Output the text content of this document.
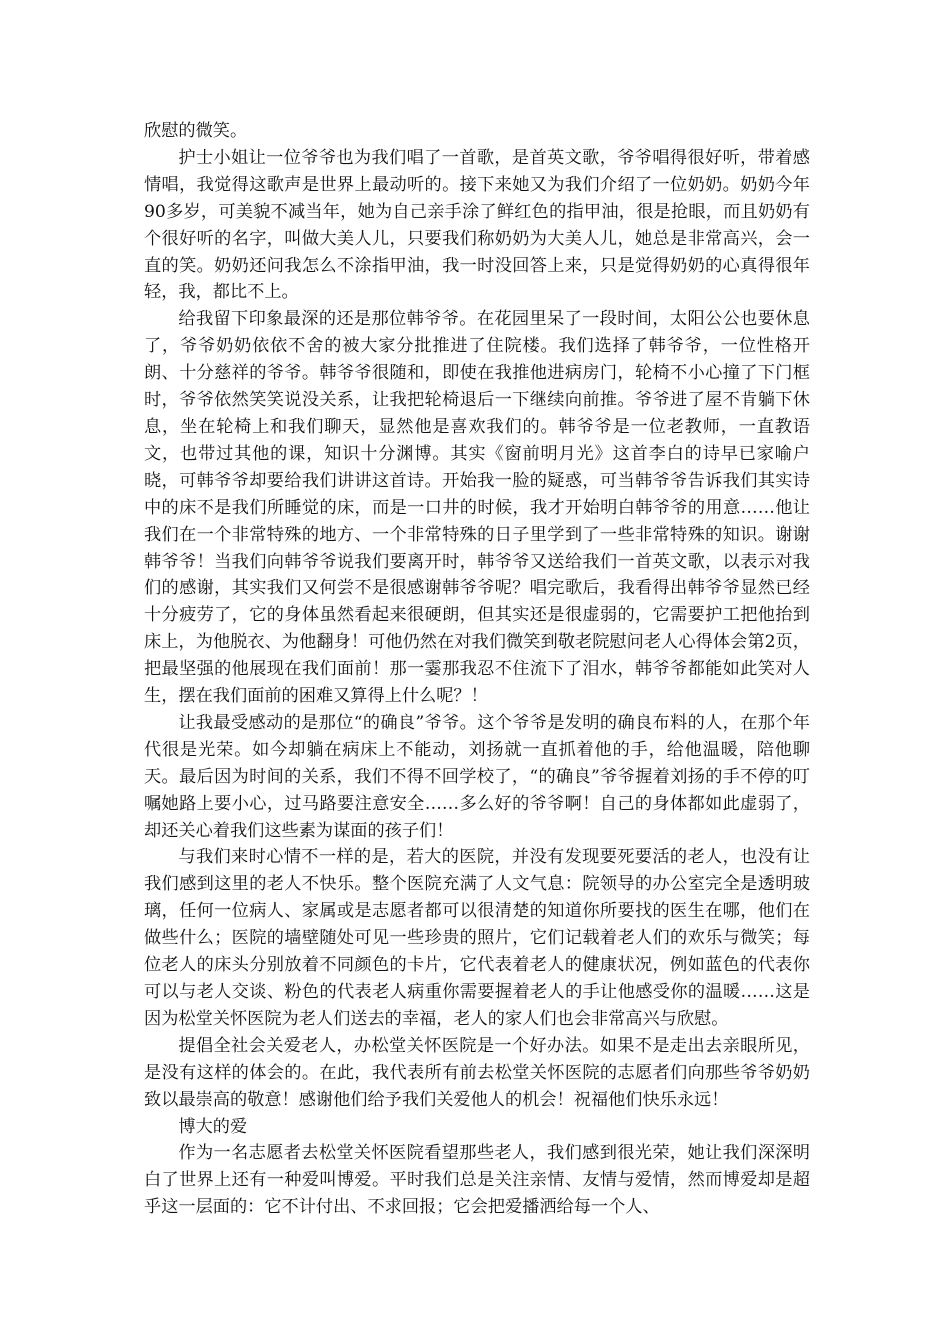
欣慰的微笑。

护士小姐让一位爷爷也为我们唱了一首歌，是首英文歌，爷爷唱得很好听，带着感情唱，我觉得这歌声是世界上最动听的。接下来她又为我们介绍了一位奶奶。奶奶今年90多岁，可美貌不减当年，她为自己亲手涂了鲜红色的指甲油，很是抢眼，而且奶奶有个很好听的名字，叫做大美人儿，只要我们称奶奶为大美人儿，她总是非常高兴，会一直的笑。奶奶还问我怎么不涂指甲油，我一时没回答上来，只是觉得奶奶的心真得很年轻，我，都比不上。

给我留下印象最深的还是那位韩爷爷。在花园里呆了一段时间，太阳公公也要休息了，爷爷奶奶依依不舍的被大家分批推进了住院楼。我们选择了韩爷爷，一位性格开朗、十分慈祥的爷爷。韩爷爷很随和，即使在我推他进病房门，轮椅不小心撞了下门框时，爷爷依然笑笑说没关系，让我把轮椅退后一下继续向前推。爷爷进了屋不肯躺下休息，坐在轮椅上和我们聊天，显然他是喜欢我们的。韩爷爷是一位老教师，一直教语文，也带过其他的课，知识十分渊博。其实《窗前明月光》这首李白的诗早已家喻户晓，可韩爷爷却要给我们讲讲这首诗。开始我一脸的疑惑，可当韩爷爷告诉我们其实诗中的床不是我们所睡觉的床，而是一口井的时候，我才开始明白韩爷爷的用意……他让我们在一个非常特殊的地方、一个非常特殊的日子里学到了一些非常特殊的知识。谢谢韩爷爷！当我们向韩爷爷说我们要离开时，韩爷爷又送给我们一首英文歌，以表示对我们的感谢，其实我们又何尝不是很感谢韩爷爷呢？唱完歌后，我看得出韩爷爷显然已经十分疲劳了，它的身体虽然看起来很硬朗，但其实还是很虚弱的，它需要护工把他抬到床上，为他脱衣、为他翻身！可他仍然在对我们微笑到敬老院慰问老人心得体会第2页，把最坚强的他展现在我们面前！那一霎那我忍不住流下了泪水，韩爷爷都能如此笑对人生，摆在我们面前的困难又算得上什么呢？！

让我最受感动的是那位“的确良”爷爷。这个爷爷是发明的确良布料的人，在那个年代很是光荣。如今却躺在病床上不能动，刘扬就一直抓着他的手，给他温暖，陪他聊天。最后因为时间的关系，我们不得不回学校了，“的确良”爷爷握着刘扬的手不停的叮嘱她路上要小心，过马路要注意安全……多么好的爷爷啊！自己的身体都如此虚弱了，却还关心着我们这些素为谋面的孩子们！

与我们来时心情不一样的是，若大的医院，并没有发现要死要活的老人，也没有让我们感到这里的老人不快乐。整个医院充满了人文气息：院领导的办公室完全是透明玻璃，任何一位病人、家属或是志愿者都可以很清楚的知道你所要找的医生在哪，他们在做些什么；医院的墙壁随处可见一些珍贵的照片，它们记载着老人们的欢乐与微笑；每位老人的床头分别放着不同颜色的卡片，它代表着老人的健康状况，例如蓝色的代表你可以与老人交谈、粉色的代表老人病重你需要握着老人的手让他感受你的温暖……这是因为松堂关怀医院为老人们送去的幸福，老人的家人们也会非常高兴与欣慰。

提倡全社会关爱老人，办松堂关怀医院是一个好办法。如果不是走出去亲眼所见，是没有这样的体会的。在此，我代表所有前去松堂关怀医院的志愿者们向那些爷爷奶奶致以最崇高的敬意！感谢他们给予我们关爱他人的机会！祝福他们快乐永远！

博大的爱

作为一名志愿者去松堂关怀医院看望那些老人，我们感到很光荣，她让我们深深明白了世界上还有一种爱叫博爱。平时我们总是关注亲情、友情与爱情，然而博爱却是超乎这一层面的：它不计付出、不求回报；它会把爱播洒给每一个人、
